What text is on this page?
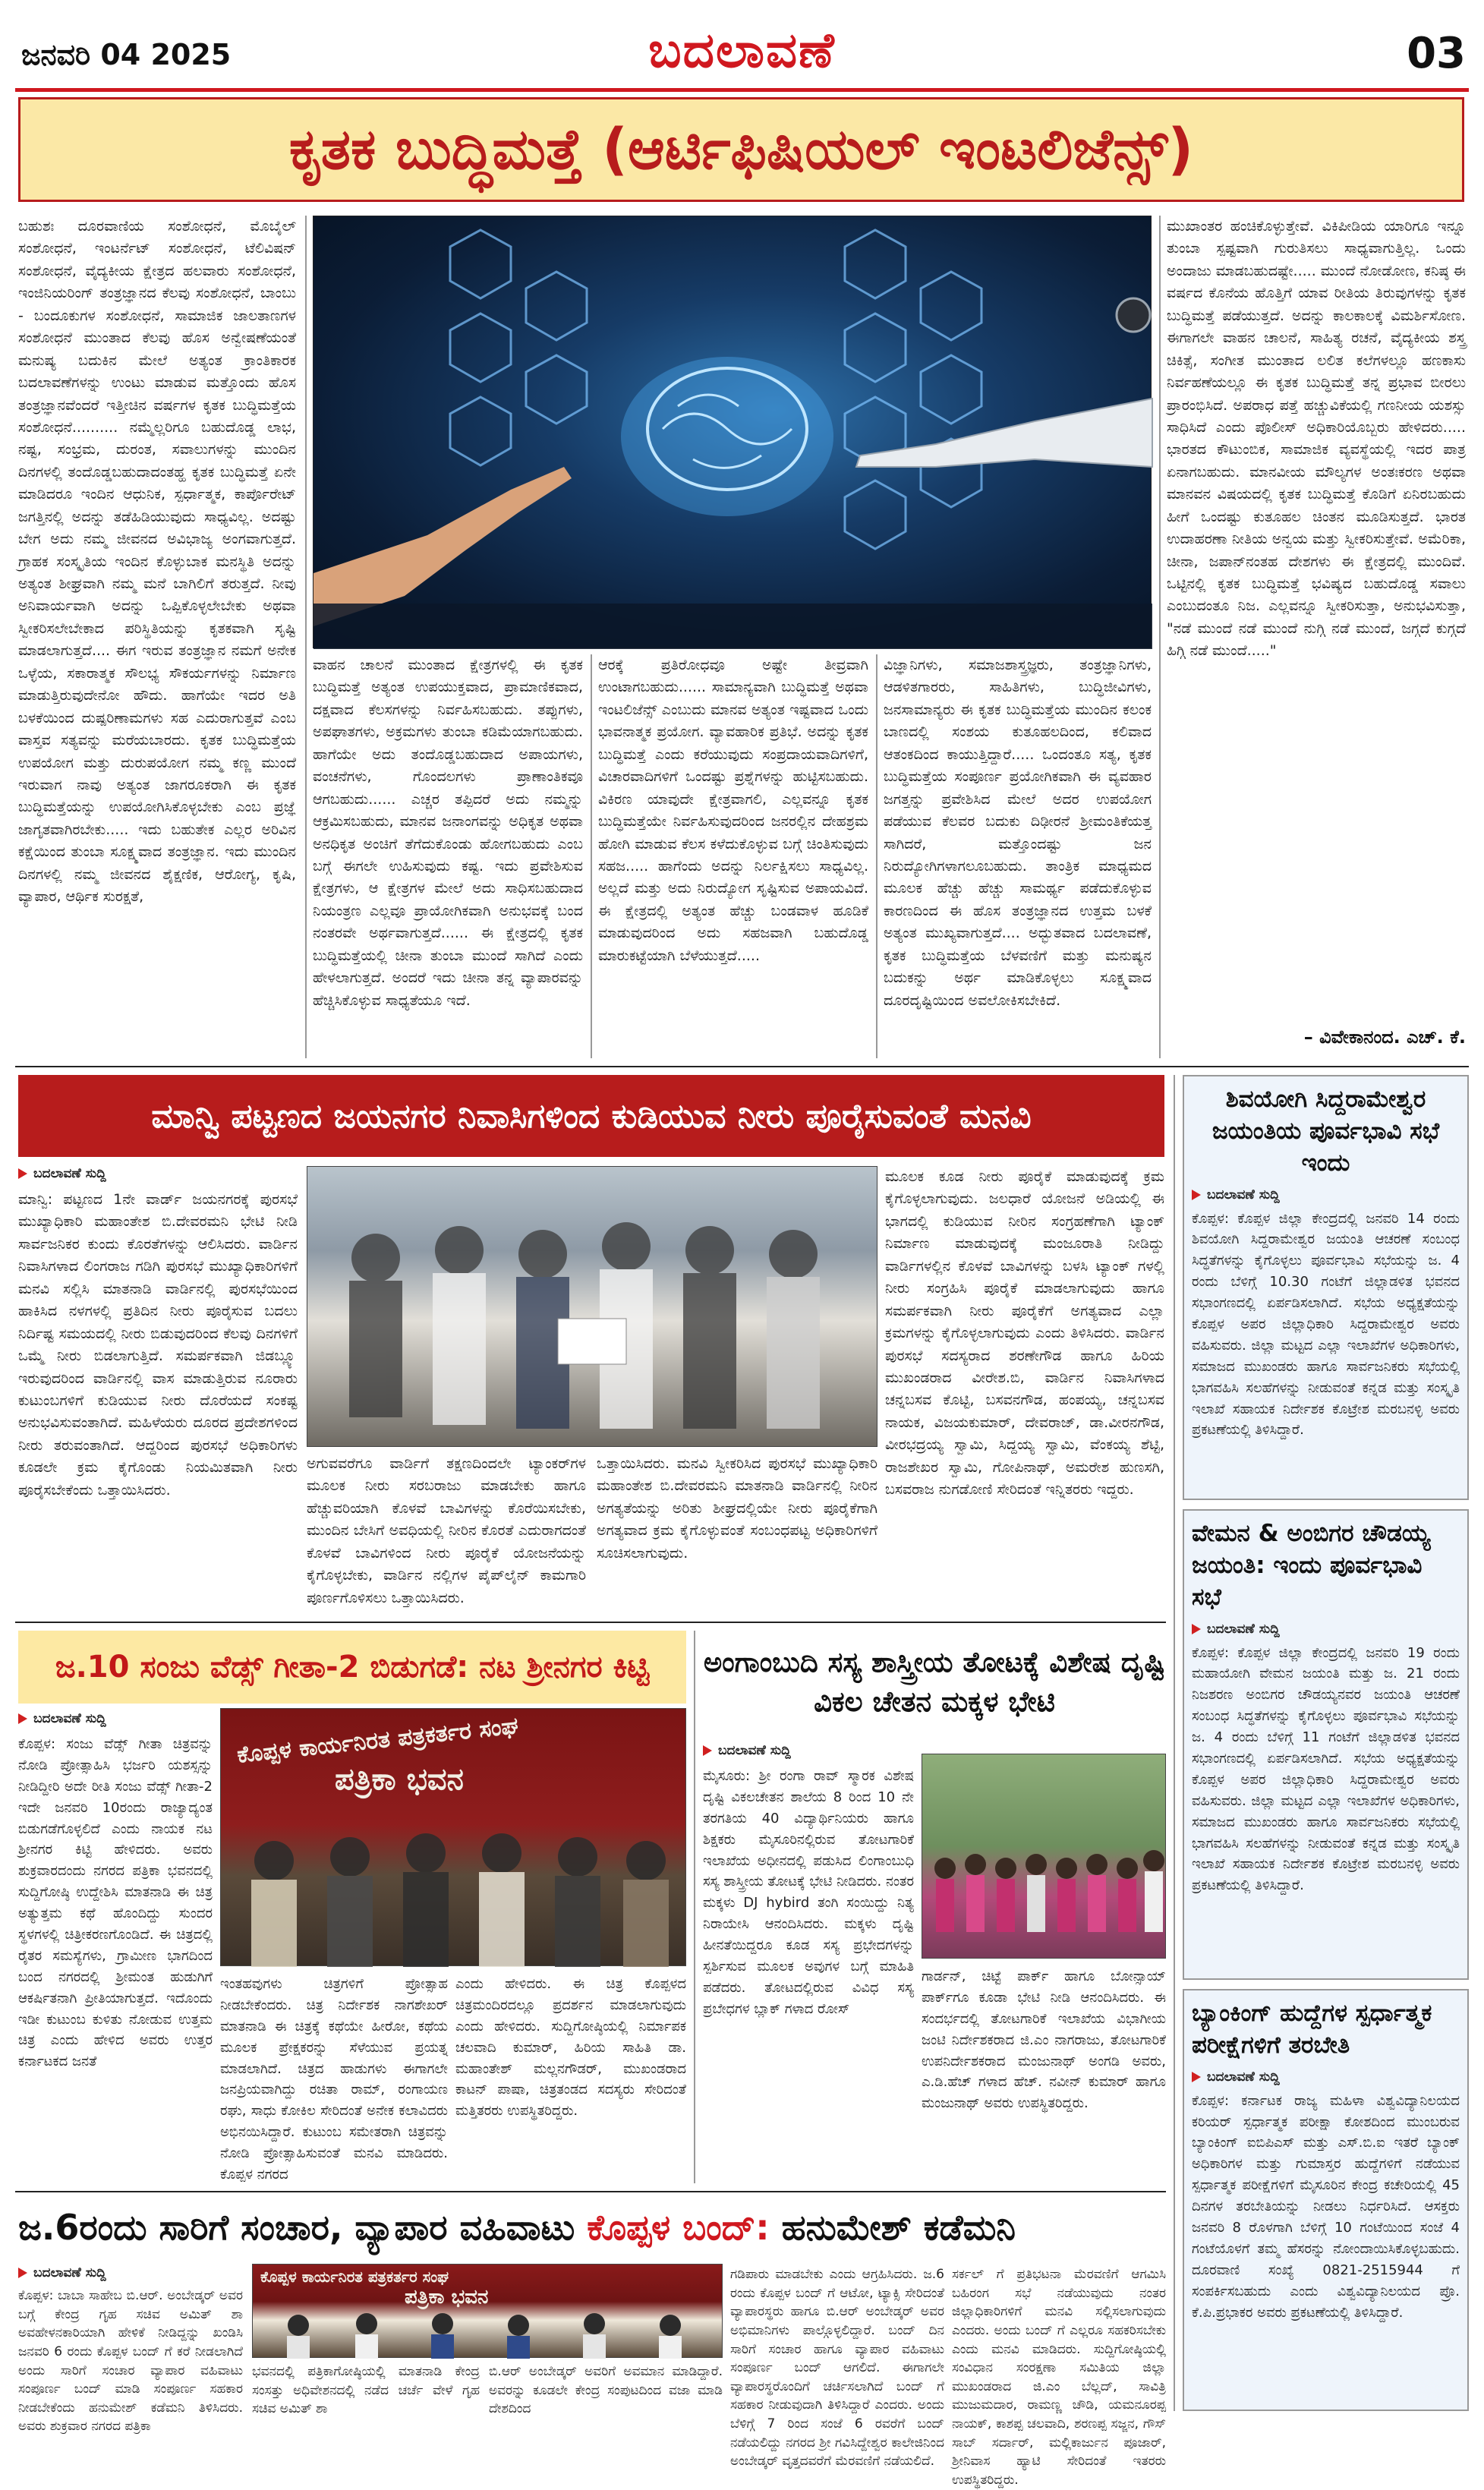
ಜನವರಿ 04 2025	ಬದಲಾವಣೆ	03
ಕೃತಕ ಬುದ್ಧಿಮತ್ತೆ (ಆರ್ಟಿಫಿಷಿಯಲ್ ಇಂಟಲಿಜೆನ್ಸ್)
ಬಹುಶಃ ದೂರವಾಣಿಯ ಸಂಶೋಧನೆ, ಮೊಬೈಲ್ ಸಂಶೋಧನೆ, ಇಂಟರ್ನೆಟ್ ಸಂಶೋಧನೆ, ಟೆಲಿವಿಷನ್ ಸಂಶೋಧನೆ, ವೈದ್ಯಕೀಯ ಕ್ಷೇತ್ರದ ಹಲವಾರು ಸಂಶೋಧನೆ, ಇಂಜಿನಿಯರಿಂಗ್ ತಂತ್ರಜ್ಞಾನದ ಕೆಲವು ಸಂಶೋಧನೆ, ಬಾಂಬು - ಬಂದೂಕುಗಳ ಸಂಶೋಧನೆ, ಸಾಮಾಜಿಕ ಜಾಲತಾಣಗಳ ಸಂಶೋಧನೆ ಮುಂತಾದ ಕೆಲವು ಹೊಸ ಅನ್ವೇಷಣೆಯಂತೆ ಮನುಷ್ಯ ಬದುಕಿನ ಮೇಲೆ ಅತ್ಯಂತ ಕ್ರಾಂತಿಕಾರಕ ಬದಲಾವಣೆಗಳನ್ನು ಉಂಟು ಮಾಡುವ ಮತ್ತೊಂದು ಹೊಸ ತಂತ್ರಜ್ಞಾನವೆಂದರೆ ಇತ್ತೀಚಿನ ವರ್ಷಗಳ ಕೃತಕ ಬುದ್ಧಿಮತ್ತೆಯ ಸಂಶೋಧನೆ.......... ನಮ್ಮೆಲ್ಲರಿಗೂ ಬಹುದೊಡ್ಡ ಲಾಭ, ನಷ್ಟ, ಸಂಭ್ರಮ, ದುರಂತ, ಸವಾಲುಗಳನ್ನು ಮುಂದಿನ ದಿನಗಳಲ್ಲಿ ತಂದೊಡ್ಡಬಹುದಾದಂತಹ್ಹ ಕೃತಕ ಬುದ್ಧಿಮತ್ತೆ ಏನೇ ಮಾಡಿದರೂ ಇಂದಿನ ಆಧುನಿಕ, ಸ್ಪರ್ಧಾತ್ಮಕ, ಕಾರ್ಪೊರೇಟ್ ಜಗತ್ತಿನಲ್ಲಿ ಅದನ್ನು ತಡೆಹಿಡಿಯುವುದು ಸಾಧ್ಯವಿಲ್ಲ. ಅದಷ್ಟು ಬೇಗ ಅದು ನಮ್ಮ ಜೀವನದ ಅವಿಭಾಜ್ಯ ಅಂಗವಾಗುತ್ತದೆ. ಗ್ರಾಹಕ ಸಂಸ್ಕೃತಿಯ ಇಂದಿನ ಕೊಳ್ಳುಬಾಕ ಮನಸ್ಥಿತಿ ಅದನ್ನು ಅತ್ಯಂತ ಶೀಘ್ರವಾಗಿ ನಮ್ಮ ಮನೆ ಬಾಗಿಲಿಗೆ ತರುತ್ತದೆ. ನೀವು ಅನಿವಾರ್ಯವಾಗಿ ಅದನ್ನು ಒಪ್ಪಿಕೊಳ್ಳಲೇಬೇಕು ಅಥವಾ ಸ್ವೀಕರಿಸಲೇಬೇಕಾದ ಪರಿಸ್ಥಿತಿಯನ್ನು ಕೃತಕವಾಗಿ ಸೃಷ್ಟಿ ಮಾಡಲಾಗುತ್ತದೆ.... ಈಗ ಇರುವ ತಂತ್ರಜ್ಞಾನ ನಮಗೆ ಅನೇಕ ಒಳ್ಳೆಯ, ಸಕಾರಾತ್ಮಕ ಸೌಲಭ್ಯ ಸೌಕರ್ಯಗಳನ್ನು ನಿರ್ಮಾಣ ಮಾಡುತ್ತಿರುವುದೇನೋ ಹೌದು. ಹಾಗೆಯೇ ಇದರ ಅತಿ ಬಳಕೆಯಿಂದ ದುಷ್ಪರಿಣಾಮಗಳು ಸಹ ಎದುರಾಗುತ್ತವೆ ಎಂಬ ವಾಸ್ತವ ಸತ್ಯವನ್ನು ಮರೆಯಬಾರದು. ಕೃತಕ ಬುದ್ಧಿಮತ್ತೆಯ ಉಪಯೋಗ ಮತ್ತು ದುರುಪಯೋಗ ನಮ್ಮ ಕಣ್ಣ ಮುಂದೆ ಇರುವಾಗ ನಾವು ಅತ್ಯಂತ ಜಾಗರೂಕರಾಗಿ ಈ ಕೃತಕ ಬುದ್ಧಿಮತ್ತೆಯನ್ನು ಉಪಯೋಗಿಸಿಕೊಳ್ಳಬೇಕು ಎಂಬ ಪ್ರಜ್ಞೆ ಜಾಗೃತವಾಗಿರಬೇಕು..... ಇದು ಬಹುತೇಕ ಎಲ್ಲರ ಅರಿವಿನ ಕಕ್ಷೆಯಿಂದ ತುಂಬಾ ಸೂಕ್ಷ್ಮವಾದ ತಂತ್ರಜ್ಞಾನ. ಇದು ಮುಂದಿನ ದಿನಗಳಲ್ಲಿ ನಮ್ಮ ಜೀವನದ ಶೈಕ್ಷಣಿಕ, ಆರೋಗ್ಯ, ಕೃಷಿ, ವ್ಯಾಪಾರ, ಆರ್ಥಿಕ ಸುರಕ್ಷತೆ,
ವಾಹನ ಚಾಲನೆ ಮುಂತಾದ ಕ್ಷೇತ್ರಗಳಲ್ಲಿ ಈ ಕೃತಕ ಬುದ್ಧಿಮತ್ತೆ ಅತ್ಯಂತ ಉಪಯುಕ್ತವಾದ, ಪ್ರಾಮಾಣಿಕವಾದ, ದಕ್ಷವಾದ ಕೆಲಸಗಳನ್ನು ನಿರ್ವಹಿಸಬಹುದು. ತಪ್ಪುಗಳು, ಅಪಘಾತಗಳು, ಅಕ್ರಮಗಳು ತುಂಬಾ ಕಡಿಮೆಯಾಗಬಹುದು. ಹಾಗೆಯೇ ಅದು ತಂದೊಡ್ಡಬಹುದಾದ ಅಪಾಯಗಳು, ವಂಚನೆಗಳು, ಗೊಂದಲಗಳು ಪ್ರಾಣಾಂತಿಕವೂ ಆಗಬಹುದು...... ಎಚ್ಚರ ತಪ್ಪಿದರೆ ಅದು ನಮ್ಮನ್ನು ಆಕ್ರಮಿಸಬಹುದು, ಮಾನವ ಜನಾಂಗವನ್ನು ಅಧಿಕೃತ ಅಥವಾ ಅನಧಿಕೃತ ಅಂಚಿಗೆ ತೆಗೆದುಕೊಂಡು ಹೋಗಬಹುದು ಎಂಬ ಬಗ್ಗೆ ಈಗಲೇ ಉಹಿಸುವುದು ಕಷ್ಟ. ಇದು ಪ್ರವೇಶಿಸುವ ಕ್ಷೇತ್ರಗಳು, ಆ ಕ್ಷೇತ್ರಗಳ ಮೇಲೆ ಅದು ಸಾಧಿಸಬಹುದಾದ ನಿಯಂತ್ರಣ ಎಲ್ಲವೂ ಪ್ರಾಯೋಗಿಕವಾಗಿ ಅನುಭವಕ್ಕೆ ಬಂದ ನಂತರವೇ ಅರ್ಥವಾಗುತ್ತದೆ...... ಈ ಕ್ಷೇತ್ರದಲ್ಲಿ ಕೃತಕ ಬುದ್ಧಿಮತ್ತೆಯಲ್ಲಿ ಚೀನಾ ತುಂಬಾ ಮುಂದೆ ಸಾಗಿದೆ ಎಂದು ಹೇಳಲಾಗುತ್ತದೆ. ಅಂದರೆ ಇದು ಚೀನಾ ತನ್ನ ವ್ಯಾಪಾರವನ್ನು ಹೆಚ್ಚಿಸಿಕೊಳ್ಳುವ ಸಾಧ್ಯತೆಯೂ ಇದೆ.
ಆರಕ್ಕೆ ಪ್ರತಿರೋಧವೂ ಅಷ್ಟೇ ತೀವ್ರವಾಗಿ ಉಂಟಾಗಬಹುದು...... ಸಾಮಾನ್ಯವಾಗಿ ಬುದ್ಧಿಮತ್ತೆ ಅಥವಾ ಇಂಟಲಿಜೆನ್ಸ್ ಎಂಬುದು ಮಾನವ ಅತ್ಯಂತ ಇಷ್ಟವಾದ ಒಂದು ಭಾವನಾತ್ಮಕ ಪ್ರಯೋಗ. ವ್ಯಾವಹಾರಿಕ ಪ್ರತಿಭೆ. ಅದನ್ನು ಕೃತಕ ಬುದ್ಧಿಮತ್ತೆ ಎಂದು ಕರೆಯುವುದು ಸಂಪ್ರದಾಯವಾದಿಗಳಿಗೆ, ವಿಚಾರವಾದಿಗಳಿಗೆ ಒಂದಷ್ಟು ಪ್ರಶ್ನೆಗಳನ್ನು ಹುಟ್ಟಿಸಬಹುದು. ವಿಕಿರಣ ಯಾವುದೇ ಕ್ಷೇತ್ರವಾಗಲಿ, ಎಲ್ಲವನ್ನೂ ಕೃತಕ ಬುದ್ಧಿಮತ್ತೆಯೇ ನಿರ್ವಹಿಸುವುದರಿಂದ ಜನರಲ್ಲಿನ ದೇಹಶ್ರಮ ಹೋಗಿ ಮಾಡುವ ಕೆಲಸ ಕಳೆದುಕೊಳ್ಳುವ ಬಗ್ಗೆ ಚಿಂತಿಸುವುದು ಸಹಜ..... ಹಾಗೆಂದು ಅದನ್ನು ನಿರ್ಲಕ್ಷಿಸಲು ಸಾಧ್ಯವಿಲ್ಲ. ಅಲ್ಲದೆ ಮತ್ತು ಅದು ನಿರುದ್ಯೋಗ ಸೃಷ್ಟಿಸುವ ಅಪಾಯವಿದೆ. ಈ ಕ್ಷೇತ್ರದಲ್ಲಿ ಅತ್ಯಂತ ಹೆಚ್ಚು ಬಂಡವಾಳ ಹೂಡಿಕೆ ಮಾಡುವುದರಿಂದ ಅದು ಸಹಜವಾಗಿ ಬಹುದೊಡ್ಡ ಮಾರುಕಟ್ಟೆಯಾಗಿ ಬೆಳೆಯುತ್ತದೆ.....
ವಿಜ್ಞಾನಿಗಳು, ಸಮಾಜಶಾಸ್ತ್ರಜ್ಞರು, ತಂತ್ರಜ್ಞಾನಿಗಳು, ಆಡಳಿತಗಾರರು, ಸಾಹಿತಿಗಳು, ಬುದ್ಧಿಜೀವಿಗಳು, ಜನಸಾಮಾನ್ಯರು ಈ ಕೃತಕ ಬುದ್ಧಿಮತ್ತೆಯ ಮುಂದಿನ ಕಲಂಕ ಬಾಣದಲ್ಲಿ ಸಂಶಯ ಕುತೂಹಲದಿಂದ, ಕಲಿವಾದ ಆತಂಕದಿಂದ ಕಾಯುತ್ತಿದ್ದಾರೆ..... ಒಂದಂತೂ ಸತ್ಯ, ಕೃತಕ ಬುದ್ಧಿಮತ್ತೆಯ ಸಂಪೂರ್ಣ ಪ್ರಯೋಗಿಕವಾಗಿ ಈ ವ್ಯವಹಾರ ಜಗತ್ತನ್ನು ಪ್ರವೇಶಿಸಿದ ಮೇಲೆ ಅದರ ಉಪಯೋಗ ಪಡೆಯುವ ಕೆಲವರ ಬದುಕು ದಿಢೀರನೆ ಶ್ರೀಮಂತಿಕೆಯತ್ತ ಸಾಗಿದರೆ, ಮತ್ತೊಂದಷ್ಟು ಜನ ನಿರುದ್ಯೋಗಿಗಳಾಗಲೂಬಹುದು. ತಾಂತ್ರಿಕ ಮಾಧ್ಯಮದ ಮೂಲಕ ಹೆಚ್ಚು ಹೆಚ್ಚು ಸಾಮರ್ಥ್ಯ ಪಡೆದುಕೊಳ್ಳುವ ಕಾರಣದಿಂದ ಈ ಹೊಸ ತಂತ್ರಜ್ಞಾನದ ಉತ್ತಮ ಬಳಕೆ ಅತ್ಯಂತ ಮುಖ್ಯವಾಗುತ್ತದೆ.... ಅದ್ಭುತವಾದ ಬದಲಾವಣೆ, ಕೃತಕ ಬುದ್ಧಿಮತ್ತೆಯ ಬೆಳವಣಿಗೆ ಮತ್ತು ಮನುಷ್ಯನ ಬದುಕನ್ನು ಅರ್ಥ ಮಾಡಿಕೊಳ್ಳಲು ಸೂಕ್ಷ್ಮವಾದ ದೂರದೃಷ್ಟಿಯಿಂದ ಅವಲೋಕಿಸಬೇಕಿದೆ.
ಮುಖಾಂತರ ಹಂಚಿಕೊಳ್ಳುತ್ತೇವೆ. ವಿಕಿಪೀಡಿಯ ಯಾರಿಗೂ ಇನ್ನೂ ತುಂಬಾ ಸ್ಪಷ್ಟವಾಗಿ ಗುರುತಿಸಲು ಸಾಧ್ಯವಾಗುತ್ತಿಲ್ಲ. ಒಂದು ಅಂದಾಜು ಮಾಡಬಹುದಷ್ಟೇ..... ಮುಂದೆ ನೋಡೋಣ, ಕನಿಷ್ಠ ಈ ವರ್ಷದ ಕೊನೆಯ ಹೊತ್ತಿಗೆ ಯಾವ ರೀತಿಯ ತಿರುವುಗಳನ್ನು ಕೃತಕ ಬುದ್ಧಿಮತ್ತೆ ಪಡೆಯುತ್ತದೆ. ಅದನ್ನು ಕಾಲಕಾಲಕ್ಕೆ ವಿಮರ್ಶಿಸೋಣ. ಈಗಾಗಲೇ ವಾಹನ ಚಾಲನೆ, ಸಾಹಿತ್ಯ ರಚನೆ, ವೈದ್ಯಕೀಯ ಶಸ್ತ್ರ ಚಿಕಿತ್ಸೆ, ಸಂಗೀತ ಮುಂತಾದ ಲಲಿತ ಕಲೆಗಳಲ್ಲೂ ಹಣಕಾಸು ನಿರ್ವಹಣೆಯಲ್ಲೂ ಈ ಕೃತಕ ಬುದ್ಧಿಮತ್ತೆ ತನ್ನ ಪ್ರಭಾವ ಬೀರಲು ಪ್ರಾರಂಭಿಸಿದೆ. ಅಪರಾಧ ಪತ್ತೆ ಹಚ್ಚುವಿಕೆಯಲ್ಲಿ ಗಣನೀಯ ಯಶಸ್ಸು ಸಾಧಿಸಿದೆ ಎಂದು ಪೊಲೀಸ್ ಅಧಿಕಾರಿಯೊಬ್ಬರು ಹೇಳಿದರು..... ಭಾರತದ ಕೌಟುಂಬಿಕ, ಸಾಮಾಜಿಕ ವ್ಯವಸ್ಥೆಯಲ್ಲಿ ಇದರ ಪಾತ್ರ ಏನಾಗಬಹುದು. ಮಾನವೀಯ ಮೌಲ್ಯಗಳ ಅಂತಃಕರಣ ಅಥವಾ ಮಾನವನ ವಿಷಯದಲ್ಲಿ ಕೃತಕ ಬುದ್ಧಿಮತ್ತೆ ಕೊಡಿಗೆ ಏನಿರಬಹುದು ಹೀಗೆ ಒಂದಷ್ಟು ಕುತೂಹಲ ಚಿಂತನ ಮೂಡಿಸುತ್ತದೆ. ಭಾರತ ಉದಾಹರಣಾ ನೀತಿಯ ಅನ್ವಯ ಮತ್ತು ಸ್ವೀಕರಿಸುತ್ತೇವೆ. ಅಮೆರಿಕಾ, ಚೀನಾ, ಜಪಾನ್‌ನಂತಹ ದೇಶಗಳು ಈ ಕ್ಷೇತ್ರದಲ್ಲಿ ಮುಂದಿವೆ. ಒಟ್ಟಿನಲ್ಲಿ ಕೃತಕ ಬುದ್ಧಿಮತ್ತೆ ಭವಿಷ್ಯದ ಬಹುದೊಡ್ಡ ಸವಾಲು ಎಂಬುದಂತೂ ನಿಜ. ಎಲ್ಲವನ್ನೂ ಸ್ವೀಕರಿಸುತ್ತಾ, ಅನುಭವಿಸುತ್ತಾ, "ನಡೆ ಮುಂದೆ ನಡೆ ಮುಂದೆ ನುಗ್ಗಿ ನಡೆ ಮುಂದೆ, ಜಗ್ಗದೆ ಕುಗ್ಗದೆ ಹಿಗ್ಗಿ ನಡೆ ಮುಂದೆ....."
– ವಿವೇಕಾನಂದ. ಎಚ್. ಕೆ.
ಮಾನ್ವಿ ಪಟ್ಟಣದ ಜಯನಗರ ನಿವಾಸಿಗಳಿಂದ ಕುಡಿಯುವ ನೀರು ಪೂರೈಸುವಂತೆ ಮನವಿ
ಬದಲಾವಣೆ ಸುದ್ದಿ
ಮಾನ್ವಿ: ಪಟ್ಟಣದ 1ನೇ ವಾರ್ಡ್ ಜಯನಗರಕ್ಕೆ ಪುರಸಭೆ ಮುಖ್ಯಾಧಿಕಾರಿ ಮಹಾಂತೇಶ ಬಿ.ದೇವರಮನಿ ಭೇಟಿ ನೀಡಿ ಸಾರ್ವಜನಿಕರ ಕುಂದು ಕೊರತೆಗಳನ್ನು ಆಲಿಸಿದರು. ವಾರ್ಡಿನ ನಿವಾಸಿಗಳಾದ ಲಿಂಗರಾಜ ಗಡಿಗಿ ಪುರಸಭೆ ಮುಖ್ಯಾಧಿಕಾರಿಗಳಿಗೆ ಮನವಿ ಸಲ್ಲಿಸಿ ಮಾತನಾಡಿ ವಾರ್ಡಿನಲ್ಲಿ ಪುರಸಭೆಯಿಂದ ಹಾಕಿಸಿದ ನಳಗಳಲ್ಲಿ ಪ್ರತಿದಿನ ನೀರು ಪೂರೈಸುವ ಬದಲು ನಿರ್ದಿಷ್ಟ ಸಮಯದಲ್ಲಿ ನೀರು ಬಿಡುವುದರಿಂದ ಕೆಲವು ದಿನಗಳಿಗೆ ಒಮ್ಮೆ ನೀರು ಬಿಡಲಾಗುತ್ತಿದೆ. ಸಮರ್ಪಕವಾಗಿ ಜಿಡಬ್ಲ್ಯೂ ಇರುವುದರಿಂದ ವಾರ್ಡಿನಲ್ಲಿ ವಾಸ ಮಾಡುತ್ತಿರುವ ನೂರಾರು ಕುಟುಂಬಗಳಿಗೆ ಕುಡಿಯುವ ನೀರು ದೊರೆಯದೆ ಸಂಕಷ್ಟ ಅನುಭವಿಸುವಂತಾಗಿದೆ. ಮಹಿಳೆಯರು ದೂರದ ಪ್ರದೇಶಗಳಿಂದ ನೀರು ತರುವಂತಾಗಿದೆ. ಆದ್ದರಿಂದ ಪುರಸಭೆ ಅಧಿಕಾರಿಗಳು ಕೂಡಲೇ ಕ್ರಮ ಕೈಗೊಂಡು ನಿಯಮಿತವಾಗಿ ನೀರು ಪೂರೈಸಬೇಕೆಂದು ಒತ್ತಾಯಿಸಿದರು.
ಅಗುವವರೆಗೂ ವಾರ್ಡಿಗೆ ತಕ್ಷಣದಿಂದಲೇ ಟ್ಯಾಂಕರ್‌ಗಳ ಮೂಲಕ ನೀರು ಸರಬರಾಜು ಮಾಡಬೇಕು ಹಾಗೂ ಹೆಚ್ಚುವರಿಯಾಗಿ ಕೊಳವೆ ಬಾವಿಗಳನ್ನು ಕೊರೆಯಿಸಬೇಕು, ಮುಂದಿನ ಬೇಸಿಗೆ ಅವಧಿಯಲ್ಲಿ ನೀರಿನ ಕೊರತೆ ಎದುರಾಗದಂತೆ ಕೊಳವೆ ಬಾವಿಗಳಿಂದ ನೀರು ಪೂರೈಕೆ ಯೋಜನೆಯನ್ನು ಕೈಗೊಳ್ಳಬೇಕು, ವಾರ್ಡಿನ ನಲ್ಲಿಗಳ ಪೈಪ್‌ಲೈನ್ ಕಾಮಗಾರಿ ಪೂರ್ಣಗೊಳಿಸಲು ಒತ್ತಾಯಿಸಿದರು.
ಒತ್ತಾಯಿಸಿದರು. ಮನವಿ ಸ್ವೀಕರಿಸಿದ ಪುರಸಭೆ ಮುಖ್ಯಾಧಿಕಾರಿ ಮಹಾಂತೇಶ ಬಿ.ದೇವರಮನಿ ಮಾತನಾಡಿ ವಾರ್ಡಿನಲ್ಲಿ ನೀರಿನ ಅಗತ್ಯತೆಯನ್ನು ಅರಿತು ಶೀಘ್ರದಲ್ಲಿಯೇ ನೀರು ಪೂರೈಕೆಗಾಗಿ ಅಗತ್ಯವಾದ ಕ್ರಮ ಕೈಗೊಳ್ಳುವಂತೆ ಸಂಬಂಧಪಟ್ಟ ಅಧಿಕಾರಿಗಳಿಗೆ ಸೂಚಿಸಲಾಗುವುದು.
ಮೂಲಕ ಕೂಡ ನೀರು ಪೂರೈಕೆ ಮಾಡುವುದಕ್ಕೆ ಕ್ರಮ ಕೈಗೊಳ್ಳಲಾಗುವುದು. ಜಲಧಾರೆ ಯೋಜನೆ ಅಡಿಯಲ್ಲಿ ಈ ಭಾಗದಲ್ಲಿ ಕುಡಿಯುವ ನೀರಿನ ಸಂಗ್ರಹಣೆಗಾಗಿ ಟ್ಯಾಂಕ್ ನಿರ್ಮಾಣ ಮಾಡುವುದಕ್ಕೆ ಮಂಜೂರಾತಿ ನೀಡಿದ್ದು ವಾರ್ಡಿಗಳಲ್ಲಿನ ಕೊಳವೆ ಬಾವಿಗಳನ್ನು ಬಳಸಿ ಟ್ಯಾಂಕ್ ಗಳಲ್ಲಿ ನೀರು ಸಂಗ್ರಹಿಸಿ ಪೂರೈಕೆ ಮಾಡಲಾಗುವುದು ಹಾಗೂ ಸಮರ್ಪಕವಾಗಿ ನೀರು ಪೂರೈಕೆಗೆ ಅಗತ್ಯವಾದ ಎಲ್ಲಾ ಕ್ರಮಗಳನ್ನು ಕೈಗೊಳ್ಳಲಾಗುವುದು ಎಂದು ತಿಳಿಸಿದರು. ವಾರ್ಡಿನ ಪುರಸಭೆ ಸದಸ್ಯರಾದ ಶರಣೇಗೌಡ ಹಾಗೂ ಹಿರಿಯ ಮುಖಂಡರಾದ ವೀರೇಶ.ಬಿ, ವಾರ್ಡಿನ ನಿವಾಸಿಗಳಾದ ಚನ್ನಬಸವ ಕೊಟ್ಟಿ, ಬಸವನಗೌಡ, ಹಂಪಯ್ಯ, ಚನ್ನಬಸವ ನಾಯಕ, ವಿಜಯಕುಮಾರ್, ದೇವರಾಜ್, ಡಾ.ವೀರನಗೌಡ, ವೀರಭದ್ರಯ್ಯ ಸ್ವಾಮಿ, ಸಿದ್ದಯ್ಯ ಸ್ವಾಮಿ, ವೆಂಕಯ್ಯ ಶೆಟ್ಟಿ, ರಾಜಶೇಖರ ಸ್ವಾಮಿ, ಗೋಪಿನಾಥ್, ಅಮರೇಶ ಹುಣಸಗಿ, ಬಸವರಾಜ ನುಗಡೋಣಿ ಸೇರಿದಂತೆ ಇನ್ನಿತರರು ಇದ್ದರು.
ಶಿವಯೋಗಿ ಸಿದ್ದರಾಮೇಶ್ವರ ಜಯಂತಿಯ ಪೂರ್ವಭಾವಿ ಸಭೆ ಇಂದು
ಬದಲಾವಣೆ ಸುದ್ದಿ
ಕೊಪ್ಪಳ: ಕೊಪ್ಪಳ ಜಿಲ್ಲಾ ಕೇಂದ್ರದಲ್ಲಿ ಜನವರಿ 14 ರಂದು ಶಿವಯೋಗಿ ಸಿದ್ದರಾಮೇಶ್ವರ ಜಯಂತಿ ಆಚರಣೆ ಸಂಬಂಧ ಸಿದ್ಧತೆಗಳನ್ನು ಕೈಗೊಳ್ಳಲು ಪೂರ್ವಭಾವಿ ಸಭೆಯನ್ನು ಜ. 4 ರಂದು ಬೆಳಿಗ್ಗೆ 10.30 ಗಂಟೆಗೆ ಜಿಲ್ಲಾಡಳಿತ ಭವನದ ಸಭಾಂಗಣದಲ್ಲಿ ಏರ್ಪಡಿಸಲಾಗಿದೆ. ಸಭೆಯ ಅಧ್ಯಕ್ಷತೆಯನ್ನು ಕೊಪ್ಪಳ ಅಪರ ಜಿಲ್ಲಾಧಿಕಾರಿ ಸಿದ್ದರಾಮೇಶ್ವರ ಅವರು ವಹಿಸುವರು. ಜಿಲ್ಲಾ ಮಟ್ಟದ ಎಲ್ಲಾ ಇಲಾಖೆಗಳ ಅಧಿಕಾರಿಗಳು, ಸಮಾಜದ ಮುಖಂಡರು ಹಾಗೂ ಸಾರ್ವಜನಿಕರು ಸಭೆಯಲ್ಲಿ ಭಾಗವಹಿಸಿ ಸಲಹೆಗಳನ್ನು ನೀಡುವಂತೆ ಕನ್ನಡ ಮತ್ತು ಸಂಸ್ಕೃತಿ ಇಲಾಖೆ ಸಹಾಯಕ ನಿರ್ದೇಶಕ ಕೊಟ್ರೇಶ ಮರಬನಳ್ಳಿ ಅವರು ಪ್ರಕಟಣೆಯಲ್ಲಿ ತಿಳಿಸಿದ್ದಾರೆ.
ವೇಮನ & ಅಂಬಿಗರ ಚೌಡಯ್ಯ ಜಯಂತಿ: ಇಂದು ಪೂರ್ವಭಾವಿ ಸಭೆ
ಬದಲಾವಣೆ ಸುದ್ದಿ
ಕೊಪ್ಪಳ: ಕೊಪ್ಪಳ ಜಿಲ್ಲಾ ಕೇಂದ್ರದಲ್ಲಿ ಜನವರಿ 19 ರಂದು ಮಹಾಯೋಗಿ ವೇಮನ ಜಯಂತಿ ಮತ್ತು ಜ. 21 ರಂದು ನಿಜಶರಣ ಅಂಬಿಗರ ಚೌಡಯ್ಯನವರ ಜಯಂತಿ ಆಚರಣೆ ಸಂಬಂಧ ಸಿದ್ಧತೆಗಳನ್ನು ಕೈಗೊಳ್ಳಲು ಪೂರ್ವಭಾವಿ ಸಭೆಯನ್ನು ಜ. 4 ರಂದು ಬೆಳಿಗ್ಗೆ 11 ಗಂಟೆಗೆ ಜಿಲ್ಲಾಡಳಿತ ಭವನದ ಸಭಾಂಗಣದಲ್ಲಿ ಏರ್ಪಡಿಸಲಾಗಿದೆ. ಸಭೆಯ ಅಧ್ಯಕ್ಷತೆಯನ್ನು ಕೊಪ್ಪಳ ಅಪರ ಜಿಲ್ಲಾಧಿಕಾರಿ ಸಿದ್ದರಾಮೇಶ್ವರ ಅವರು ವಹಿಸುವರು. ಜಿಲ್ಲಾ ಮಟ್ಟದ ಎಲ್ಲಾ ಇಲಾಖೆಗಳ ಅಧಿಕಾರಿಗಳು, ಸಮಾಜದ ಮುಖಂಡರು ಹಾಗೂ ಸಾರ್ವಜನಿಕರು ಸಭೆಯಲ್ಲಿ ಭಾಗವಹಿಸಿ ಸಲಹೆಗಳನ್ನು ನೀಡುವಂತೆ ಕನ್ನಡ ಮತ್ತು ಸಂಸ್ಕೃತಿ ಇಲಾಖೆ ಸಹಾಯಕ ನಿರ್ದೇಶಕ ಕೊಟ್ರೇಶ ಮರಬನಳ್ಳಿ ಅವರು ಪ್ರಕಟಣೆಯಲ್ಲಿ ತಿಳಿಸಿದ್ದಾರೆ.
ಬ್ಯಾಂಕಿಂಗ್ ಹುದ್ದೆಗಳ ಸ್ಪರ್ಧಾತ್ಮಕ ಪರೀಕ್ಷೆಗಳಿಗೆ ತರಬೇತಿ
ಬದಲಾವಣೆ ಸುದ್ದಿ
ಕೊಪ್ಪಳ: ಕರ್ನಾಟಕ ರಾಜ್ಯ ಮಹಿಳಾ ವಿಶ್ವವಿದ್ಯಾನಿಲಯದ ಕರಿಯರ್ ಸ್ಪರ್ಧಾತ್ಮಕ ಪರೀಕ್ಷಾ ಕೋಶದಿಂದ ಮುಂಬರುವ ಬ್ಯಾಂಕಿಂಗ್ ಐಬಿಪಿಎಸ್ ಮತ್ತು ಎಸ್.ಬಿ.ಐ ಇತರೆ ಬ್ಯಾಂಕ್ ಅಧಿಕಾರಿಗಳ ಮತ್ತು ಗುಮಾಸ್ತರ ಹುದ್ದೆಗಳಿಗೆ ನಡೆಯುವ ಸ್ಪರ್ಧಾತ್ಮಕ ಪರೀಕ್ಷೆಗಳಿಗೆ ಮೈಸೂರಿನ ಕೇಂದ್ರ ಕಚೇರಿಯಲ್ಲಿ 45 ದಿನಗಳ ತರಬೇತಿಯನ್ನು ನೀಡಲು ನಿರ್ಧರಿಸಿದೆ. ಆಸಕ್ತರು ಜನವರಿ 8 ರೊಳಗಾಗಿ ಬೆಳಿಗ್ಗೆ 10 ಗಂಟೆಯಿಂದ ಸಂಜೆ 4 ಗಂಟೆಯೊಳಗೆ ತಮ್ಮ ಹೆಸರನ್ನು ನೋಂದಾಯಿಸಿಕೊಳ್ಳಬಹುದು. ದೂರವಾಣಿ ಸಂಖ್ಯೆ 0821-2515944 ಗೆ ಸಂಪರ್ಕಿಸಬಹುದು ಎಂದು ವಿಶ್ವವಿದ್ಯಾನಿಲಯದ ಪ್ರೊ. ಕೆ.ಪಿ.ಪ್ರಭಾಕರ ಅವರು ಪ್ರಕಟಣೆಯಲ್ಲಿ ತಿಳಿಸಿದ್ದಾರೆ.
ಜ.10 ಸಂಜು ವೆಡ್ಸ್ ಗೀತಾ-2 ಬಿಡುಗಡೆ: ನಟ ಶ್ರೀನಗರ ಕಿಟ್ಟಿ
ಬದಲಾವಣೆ ಸುದ್ದಿ
ಕೊಪ್ಪಳ: ಸಂಜು ವೆಡ್ಸ್ ಗೀತಾ ಚಿತ್ರವನ್ನು ನೋಡಿ ಪ್ರೋತ್ಸಾಹಿಸಿ ಭರ್ಜರಿ ಯಶಸ್ಸನ್ನು ನೀಡಿದ್ದೀರಿ ಅದೇ ರೀತಿ ಸಂಜು ವೆಡ್ಸ್ ಗೀತಾ-2 ಇದೇ ಜನವರಿ 10ರಂದು ರಾಜ್ಯಾದ್ಯಂತ ಬಿಡುಗಡೆಗೊಳ್ಳಲಿದೆ ಎಂದು ನಾಯಕ ನಟ ಶ್ರೀನಗರ ಕಿಟ್ಟಿ ಹೇಳಿದರು. ಅವರು ಶುಕ್ರವಾರದಂದು ನಗರದ ಪತ್ರಿಕಾ ಭವನದಲ್ಲಿ ಸುದ್ದಿಗೋಷ್ಠಿ ಉದ್ದೇಶಿಸಿ ಮಾತನಾಡಿ ಈ ಚಿತ್ರ ಅತ್ಯುತ್ತಮ ಕಥೆ ಹೊಂದಿದ್ದು ಸುಂದರ ಸ್ಥಳಗಳಲ್ಲಿ ಚಿತ್ರೀಕರಣಗೊಂಡಿದೆ. ಈ ಚಿತ್ರದಲ್ಲಿ ರೈತರ ಸಮಸ್ಯೆಗಳು, ಗ್ರಾಮೀಣ ಭಾಗದಿಂದ ಬಂದ ನಗರದಲ್ಲಿ ಶ್ರೀಮಂತ ಹುಡುಗಿಗೆ ಆಕರ್ಷಿತನಾಗಿ ಪ್ರೀತಿಯಾಗುತ್ತದೆ. ಇದೊಂದು ಇಡೀ ಕುಟುಂಬ ಕುಳಿತು ನೋಡುವ ಉತ್ತಮ ಚಿತ್ರ ಎಂದು ಹೇಳಿದ ಅವರು ಉತ್ತರ ಕರ್ನಾಟಕದ ಜನತೆ
ಕೊಪ್ಪಳ ಕಾರ್ಯನಿರತ ಪತ್ರಕರ್ತರ ಸಂಘ
ಪತ್ರಿಕಾ ಭವನ
ಇಂತಹವುಗಳು ಚಿತ್ರಗಳಿಗೆ ಪ್ರೋತ್ಸಾಹ ನೀಡಬೇಕೆಂದರು. ಚಿತ್ರ ನಿರ್ದೇಶಕ ನಾಗಶೇಖರ್ ಮಾತನಾಡಿ ಈ ಚಿತ್ರಕ್ಕೆ ಕಥೆಯೇ ಹೀರೋ, ಕಥೆಯ ಮೂಲಕ ಪ್ರೇಕ್ಷಕರನ್ನು ಸೆಳೆಯುವ ಪ್ರಯತ್ನ ಮಾಡಲಾಗಿದೆ. ಚಿತ್ರದ ಹಾಡುಗಳು ಈಗಾಗಲೇ ಜನಪ್ರಿಯವಾಗಿದ್ದು ರಚಿತಾ ರಾಮ್, ರಂಗಾಯಣ ರಘು, ಸಾಧು ಕೋಕಿಲ ಸೇರಿದಂತೆ ಅನೇಕ ಕಲಾವಿದರು ಅಭಿನಯಿಸಿದ್ದಾರೆ. ಕುಟುಂಬ ಸಮೇತರಾಗಿ ಚಿತ್ರವನ್ನು ನೋಡಿ ಪ್ರೋತ್ಸಾಹಿಸುವಂತೆ ಮನವಿ ಮಾಡಿದರು. ಕೊಪ್ಪಳ ನಗರದ
ಎಂದು ಹೇಳಿದರು. ಈ ಚಿತ್ರ ಕೊಪ್ಪಳದ ಚಿತ್ರಮಂದಿರದಲ್ಲೂ ಪ್ರದರ್ಶನ ಮಾಡಲಾಗುವುದು ಎಂದು ಹೇಳಿದರು. ಸುದ್ದಿಗೋಷ್ಠಿಯಲ್ಲಿ ನಿರ್ಮಾಪಕ ಚಲವಾದಿ ಕುಮಾರ್, ಹಿರಿಯ ಸಾಹಿತಿ ಡಾ. ಮಹಾಂತೇಶ್ ಮಲ್ಲನಗೌಡರ್, ಮುಖಂಡರಾದ ಕಾಟನ್ ಪಾಷಾ, ಚಿತ್ರತಂಡದ ಸದಸ್ಯರು ಸೇರಿದಂತೆ ಮತ್ತಿತರರು ಉಪಸ್ಥಿತರಿದ್ದರು.
ಅಂಗಾಂಬುದಿ ಸಸ್ಯ ಶಾಸ್ತ್ರೀಯ ತೋಟಕ್ಕೆ ವಿಶೇಷ ದೃಷ್ಟಿ ವಿಕಲ ಚೇತನ ಮಕ್ಕಳ ಭೇಟಿ
ಬದಲಾವಣೆ ಸುದ್ದಿ
ಮೈಸೂರು: ಶ್ರೀ ರಂಗಾ ರಾವ್ ಸ್ಮಾರಕ ವಿಶೇಷ ದೃಷ್ಟಿ ವಿಕಲಚೇತನ ಶಾಲೆಯ 8 ರಿಂದ 10 ನೇ ತರಗತಿಯ 40 ವಿದ್ಯಾರ್ಥಿನಿಯರು ಹಾಗೂ ಶಿಕ್ಷಕರು ಮೈಸೂರಿನಲ್ಲಿರುವ ತೋಟಗಾರಿಕೆ ಇಲಾಖೆಯ ಅಧೀನದಲ್ಲಿ ಪಡುಸಿದ ಲಿಂಗಾಂಬುಧಿ ಸಸ್ಯ ಶಾಸ್ತ್ರೀಯ ತೋಟಕ್ಕೆ ಭೇಟಿ ನೀಡಿದರು. ನಂತರ ಮಕ್ಕಳು DJ hybird ತಂಗಿ ಸಂಯಿದ್ದು ನಿತ್ಯ ನಿರಾಯೇಸಿ ಆನಂದಿಸಿದರು. ಮಕ್ಕಳು ದೃಷ್ಟಿ ಹೀನತೆಯಿದ್ದರೂ ಕೂಡ ಸಸ್ಯ ಪ್ರಭೇದಗಳನ್ನು ಸ್ಪರ್ಶಿಸುವ ಮೂಲಕ ಅವುಗಳ ಬಗ್ಗೆ ಮಾಹಿತಿ ಪಡೆದರು. ತೋಟದಲ್ಲಿರುವ ವಿವಿಧ ಸಸ್ಯ ಪ್ರಬೇಧಗಳ ಬ್ಲಾಕ್ ಗಳಾದ ರೋಸ್
ಗಾರ್ಡನ್, ಚಿಟ್ಟೆ ಪಾರ್ಕ್ ಹಾಗೂ ಬೋನ್ಸಾಯ್ ಪಾರ್ಕ್‌ಗೂ ಕೂಡಾ ಭೇಟಿ ನೀಡಿ ಆನಂದಿಸಿದರು. ಈ ಸಂದರ್ಭದಲ್ಲಿ ತೋಟಗಾರಿಕೆ ಇಲಾಖೆಯ ವಿಭಾಗೀಯ ಜಂಟಿ ನಿರ್ದೇಶಕರಾದ ಜಿ.ಎಂ ನಾಗರಾಜು, ತೋಟಗಾರಿಕೆ ಉಪನಿರ್ದೇಶಕರಾದ ಮಂಜುನಾಥ್ ಅಂಗಡಿ ಅವರು, ಎ.ಡಿ.ಹೆಚ್ ಗಳಾದ ಹೆಚ್. ನವೀನ್ ಕುಮಾರ್ ಹಾಗೂ ಮಂಜುನಾಥ್ ಅವರು ಉಪಸ್ಥಿತರಿದ್ದರು.
ಜ.6ರಂದು ಸಾರಿಗೆ ಸಂಚಾರ, ವ್ಯಾಪಾರ ವಹಿವಾಟು ಕೊಪ್ಪಳ ಬಂದ್: ಹನುಮೇಶ್ ಕಡೆಮನಿ
ಬದಲಾವಣೆ ಸುದ್ದಿ
ಕೊಪ್ಪಳ: ಬಾಬಾ ಸಾಹೇಬ ಬಿ.ಆರ್. ಅಂಬೇಡ್ಕರ್ ಅವರ ಬಗ್ಗೆ ಕೇಂದ್ರ ಗೃಹ ಸಚಿವ ಅಮಿತ್ ಶಾ ಅವಹೇಳನಕಾರಿಯಾಗಿ ಹೇಳಿಕೆ ನೀಡಿದ್ದನ್ನು ಖಂಡಿಸಿ ಜನವರಿ 6 ರಂದು ಕೊಪ್ಪಳ ಬಂದ್ ಗೆ ಕರೆ ನೀಡಲಾಗಿದೆ ಅಂದು ಸಾರಿಗೆ ಸಂಚಾರ ವ್ಯಾಪಾರ ವಹಿವಾಟು ಸಂಪೂರ್ಣ ಬಂದ್ ಮಾಡಿ ಸಂಪೂರ್ಣ ಸಹಕಾರ ನೀಡಬೇಕೆಂದು ಹನುಮೇಶ್ ಕಡೆಮನಿ ತಿಳಿಸಿದರು. ಅವರು ಶುಕ್ರವಾರ ನಗರದ ಪತ್ರಿಕಾ
ಕೊಪ್ಪಳ ಕಾರ್ಯನಿರತ ಪತ್ರಕರ್ತರ ಸಂಘ
ಪತ್ರಿಕಾ ಭವನ
ಭವನದಲ್ಲಿ ಪತ್ರಿಕಾಗೋಷ್ಠಿಯಲ್ಲಿ ಮಾತನಾಡಿ ಕೇಂದ್ರ ಸಂಸತ್ತು ಅಧಿವೇಶನದಲ್ಲಿ ನಡೆದ ಚರ್ಚೆ ವೇಳೆ ಗೃಹ ಸಚಿವ ಅಮಿತ್ ಶಾ
ಬಿ.ಆರ್ ಅಂಬೇಡ್ಕರ್ ಅವರಿಗೆ ಅವಮಾನ ಮಾಡಿದ್ದಾರೆ. ಅವರನ್ನು ಕೂಡಲೇ ಕೇಂದ್ರ ಸಂಪುಟದಿಂದ ವಜಾ ಮಾಡಿ ದೇಶದಿಂದ
ಗಡಿಪಾರು ಮಾಡಬೇಕು ಎಂದು ಆಗ್ರಹಿಸಿದರು. ಜ.6 ರಂದು ಕೊಪ್ಪಳ ಬಂದ್ ಗೆ ಆಟೋ, ಟ್ಯಾಕ್ಸಿ ಸೇರಿದಂತೆ ವ್ಯಾಪಾರಸ್ಥರು ಹಾಗೂ ಬಿ.ಆರ್ ಅಂಬೇಡ್ಕರ್ ಅವರ ಅಭಿಮಾನಿಗಳು ಪಾಲ್ಗೊಳ್ಳಲಿದ್ದಾರೆ. ಬಂದ್ ದಿನ ಸಾರಿಗೆ ಸಂಚಾರ ಹಾಗೂ ವ್ಯಾಪಾರ ವಹಿವಾಟು ಸಂಪೂರ್ಣ ಬಂದ್ ಆಗಲಿದೆ. ಈಗಾಗಲೇ ವ್ಯಾಪಾರಸ್ಥರೊಂದಿಗೆ ಚರ್ಚಿಸಲಾಗಿದೆ ಬಂದ್ ಗೆ ಸಹಕಾರ ನೀಡುವುದಾಗಿ ತಿಳಿಸಿದ್ದಾರೆ ಎಂದರು. ಅಂದು ಬೆಳಿಗ್ಗೆ 7 ರಿಂದ ಸಂಜೆ 6 ರವರೆಗೆ ಬಂದ್ ನಡೆಯಲಿದ್ದು ನಗರದ ಶ್ರೀ ಗವಿಸಿದ್ದೇಶ್ವರ ಕಾಲೇಜಿನಿಂದ ಅಂಬೇಡ್ಕರ್ ವೃತ್ತದವರೆಗೆ ಮೆರವಣಿಗೆ ನಡೆಯಲಿದೆ.
ಸರ್ಕಲ್ ಗೆ ಪ್ರತಿಭಟನಾ ಮೆರವಣಿಗೆ ಆಗಮಿಸಿ ಬಹಿರಂಗ ಸಭೆ ನಡೆಯುವುದು ನಂತರ ಜಿಲ್ಲಾಧಿಕಾರಿಗಳಿಗೆ ಮನವಿ ಸಲ್ಲಿಸಲಾಗುವುದು ಎಂದರು. ಅಂದು ಬಂದ್ ಗೆ ಎಲ್ಲರೂ ಸಹಕರಿಸಬೇಕು ಎಂದು ಮನವಿ ಮಾಡಿದರು. ಸುದ್ದಿಗೋಷ್ಠಿಯಲ್ಲಿ ಸಂವಿಧಾನ ಸಂರಕ್ಷಣಾ ಸಮಿತಿಯ ಜಿಲ್ಲಾ ಮುಖಂಡರಾದ ಜಿ.ಎಂ ಬೆಲ್ಲದ್, ಸಾವಿತ್ರಿ ಮುಜುಮದಾರ, ರಾಮಣ್ಣ ಚೌಡಿ, ಯಮನೂರಪ್ಪ ನಾಯಕ್, ಕಾಶಪ್ಪ ಚಲವಾದಿ, ಶರಣಪ್ಪ ಸಜ್ಜನ, ಗೌಸ್ ಸಾಬ್ ಸರ್ದಾರ್, ಮಲ್ಲಿಕಾರ್ಜುನ ಪೂಜಾರ್, ಶ್ರೀನಿವಾಸ ಹ್ಯಾಟಿ ಸೇರಿದಂತೆ ಇತರರು ಉಪಸ್ಥಿತರಿದ್ದರು.
